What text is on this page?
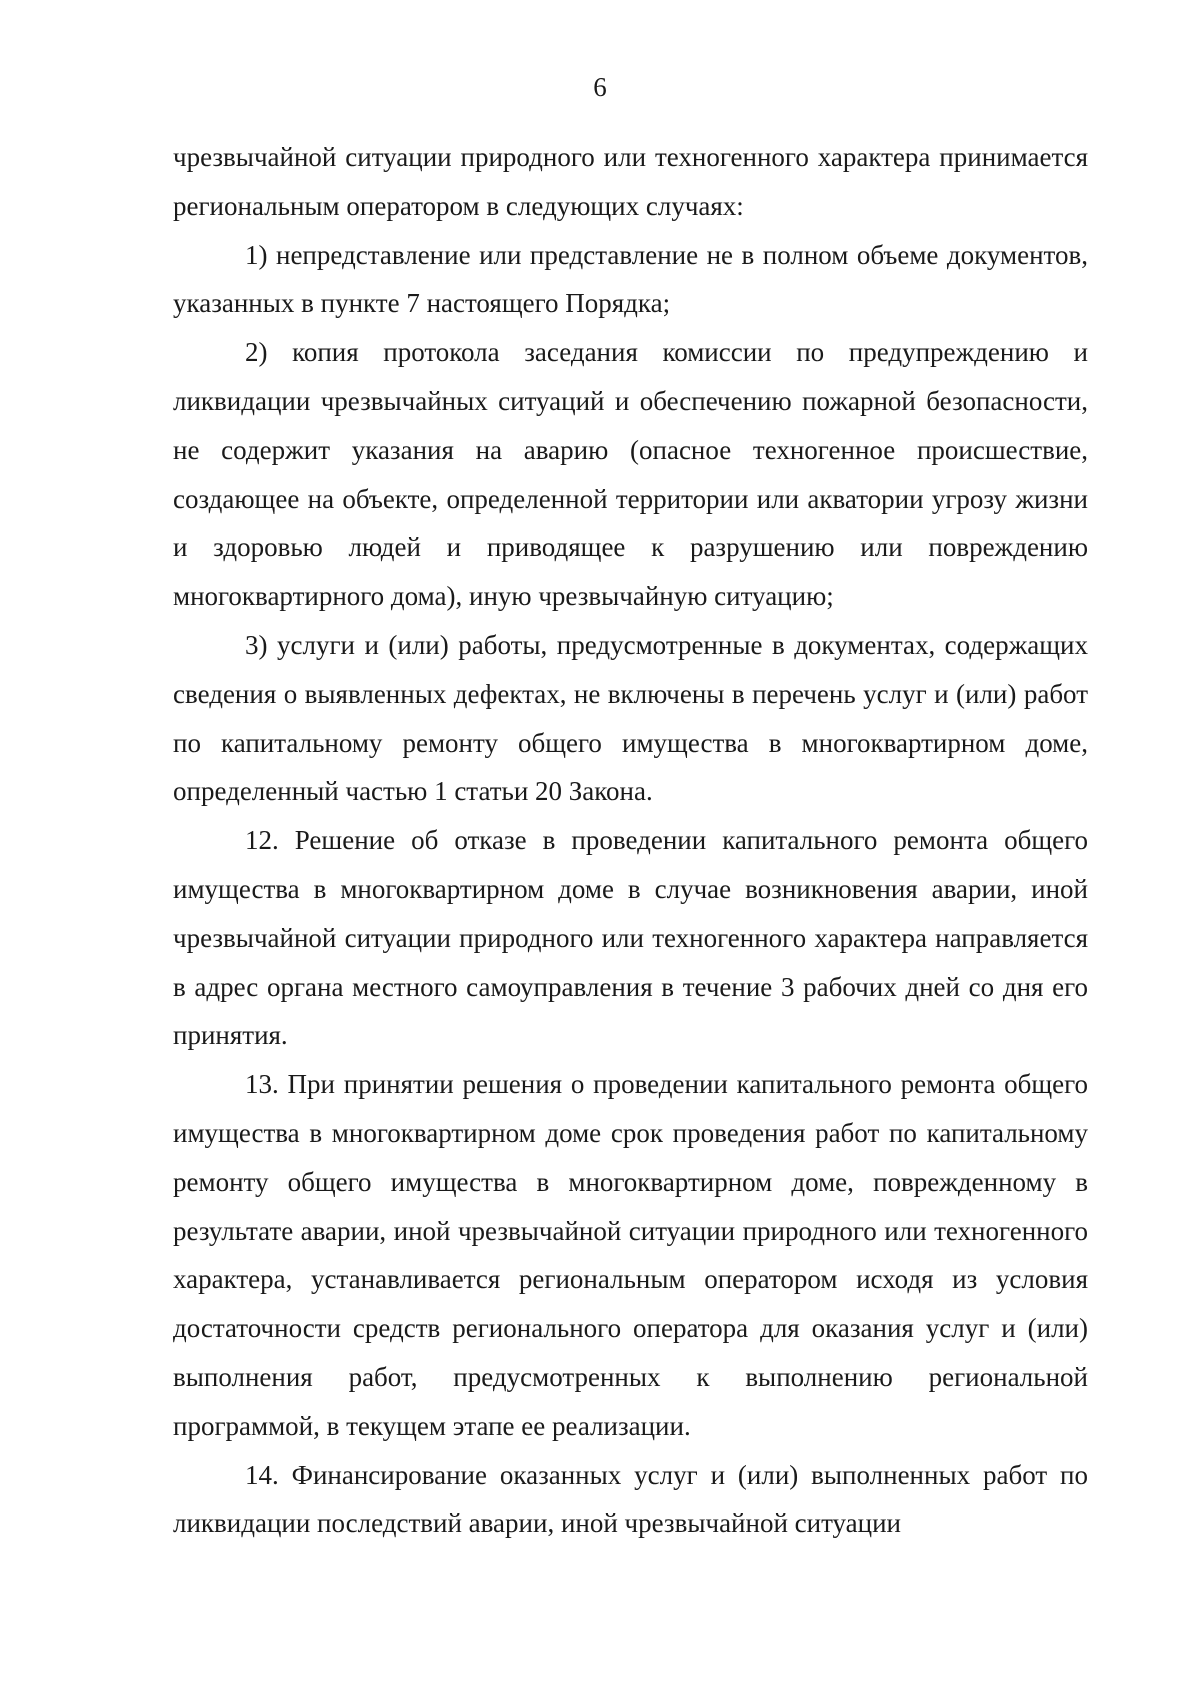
6

чрезвычайной ситуации природного или техногенного характера принимается региональным оператором в следующих случаях:

1) непредставление или представление не в полном объеме документов, указанных в пункте 7 настоящего Порядка;

2) копия протокола заседания комиссии по предупреждению и ликвидации чрезвычайных ситуаций и обеспечению пожарной безопасности, не содержит указания на аварию (опасное техногенное происшествие, создающее на объекте, определенной территории или акватории угрозу жизни и здоровью людей и приводящее к разрушению или повреждению многоквартирного дома), иную чрезвычайную ситуацию;

3) услуги и (или) работы, предусмотренные в документах, содержащих сведения о выявленных дефектах, не включены в перечень услуг и (или) работ по капитальному ремонту общего имущества в многоквартирном доме, определенный частью 1 статьи 20 Закона.

12. Решение об отказе в проведении капитального ремонта общего имущества в многоквартирном доме в случае возникновения аварии, иной чрезвычайной ситуации природного или техногенного характера направляется в адрес органа местного самоуправления в течение 3 рабочих дней со дня его принятия.

13. При принятии решения о проведении капитального ремонта общего имущества в многоквартирном доме срок проведения работ по капитальному ремонту общего имущества в многоквартирном доме, поврежденному в результате аварии, иной чрезвычайной ситуации природного или техногенного характера, устанавливается региональным оператором исходя из условия достаточности средств регионального оператора для оказания услуг и (или) выполнения работ, предусмотренных к выполнению региональной программой, в текущем этапе ее реализации.

14. Финансирование оказанных услуг и (или) выполненных работ по ликвидации последствий аварии, иной чрезвычайной ситуации
